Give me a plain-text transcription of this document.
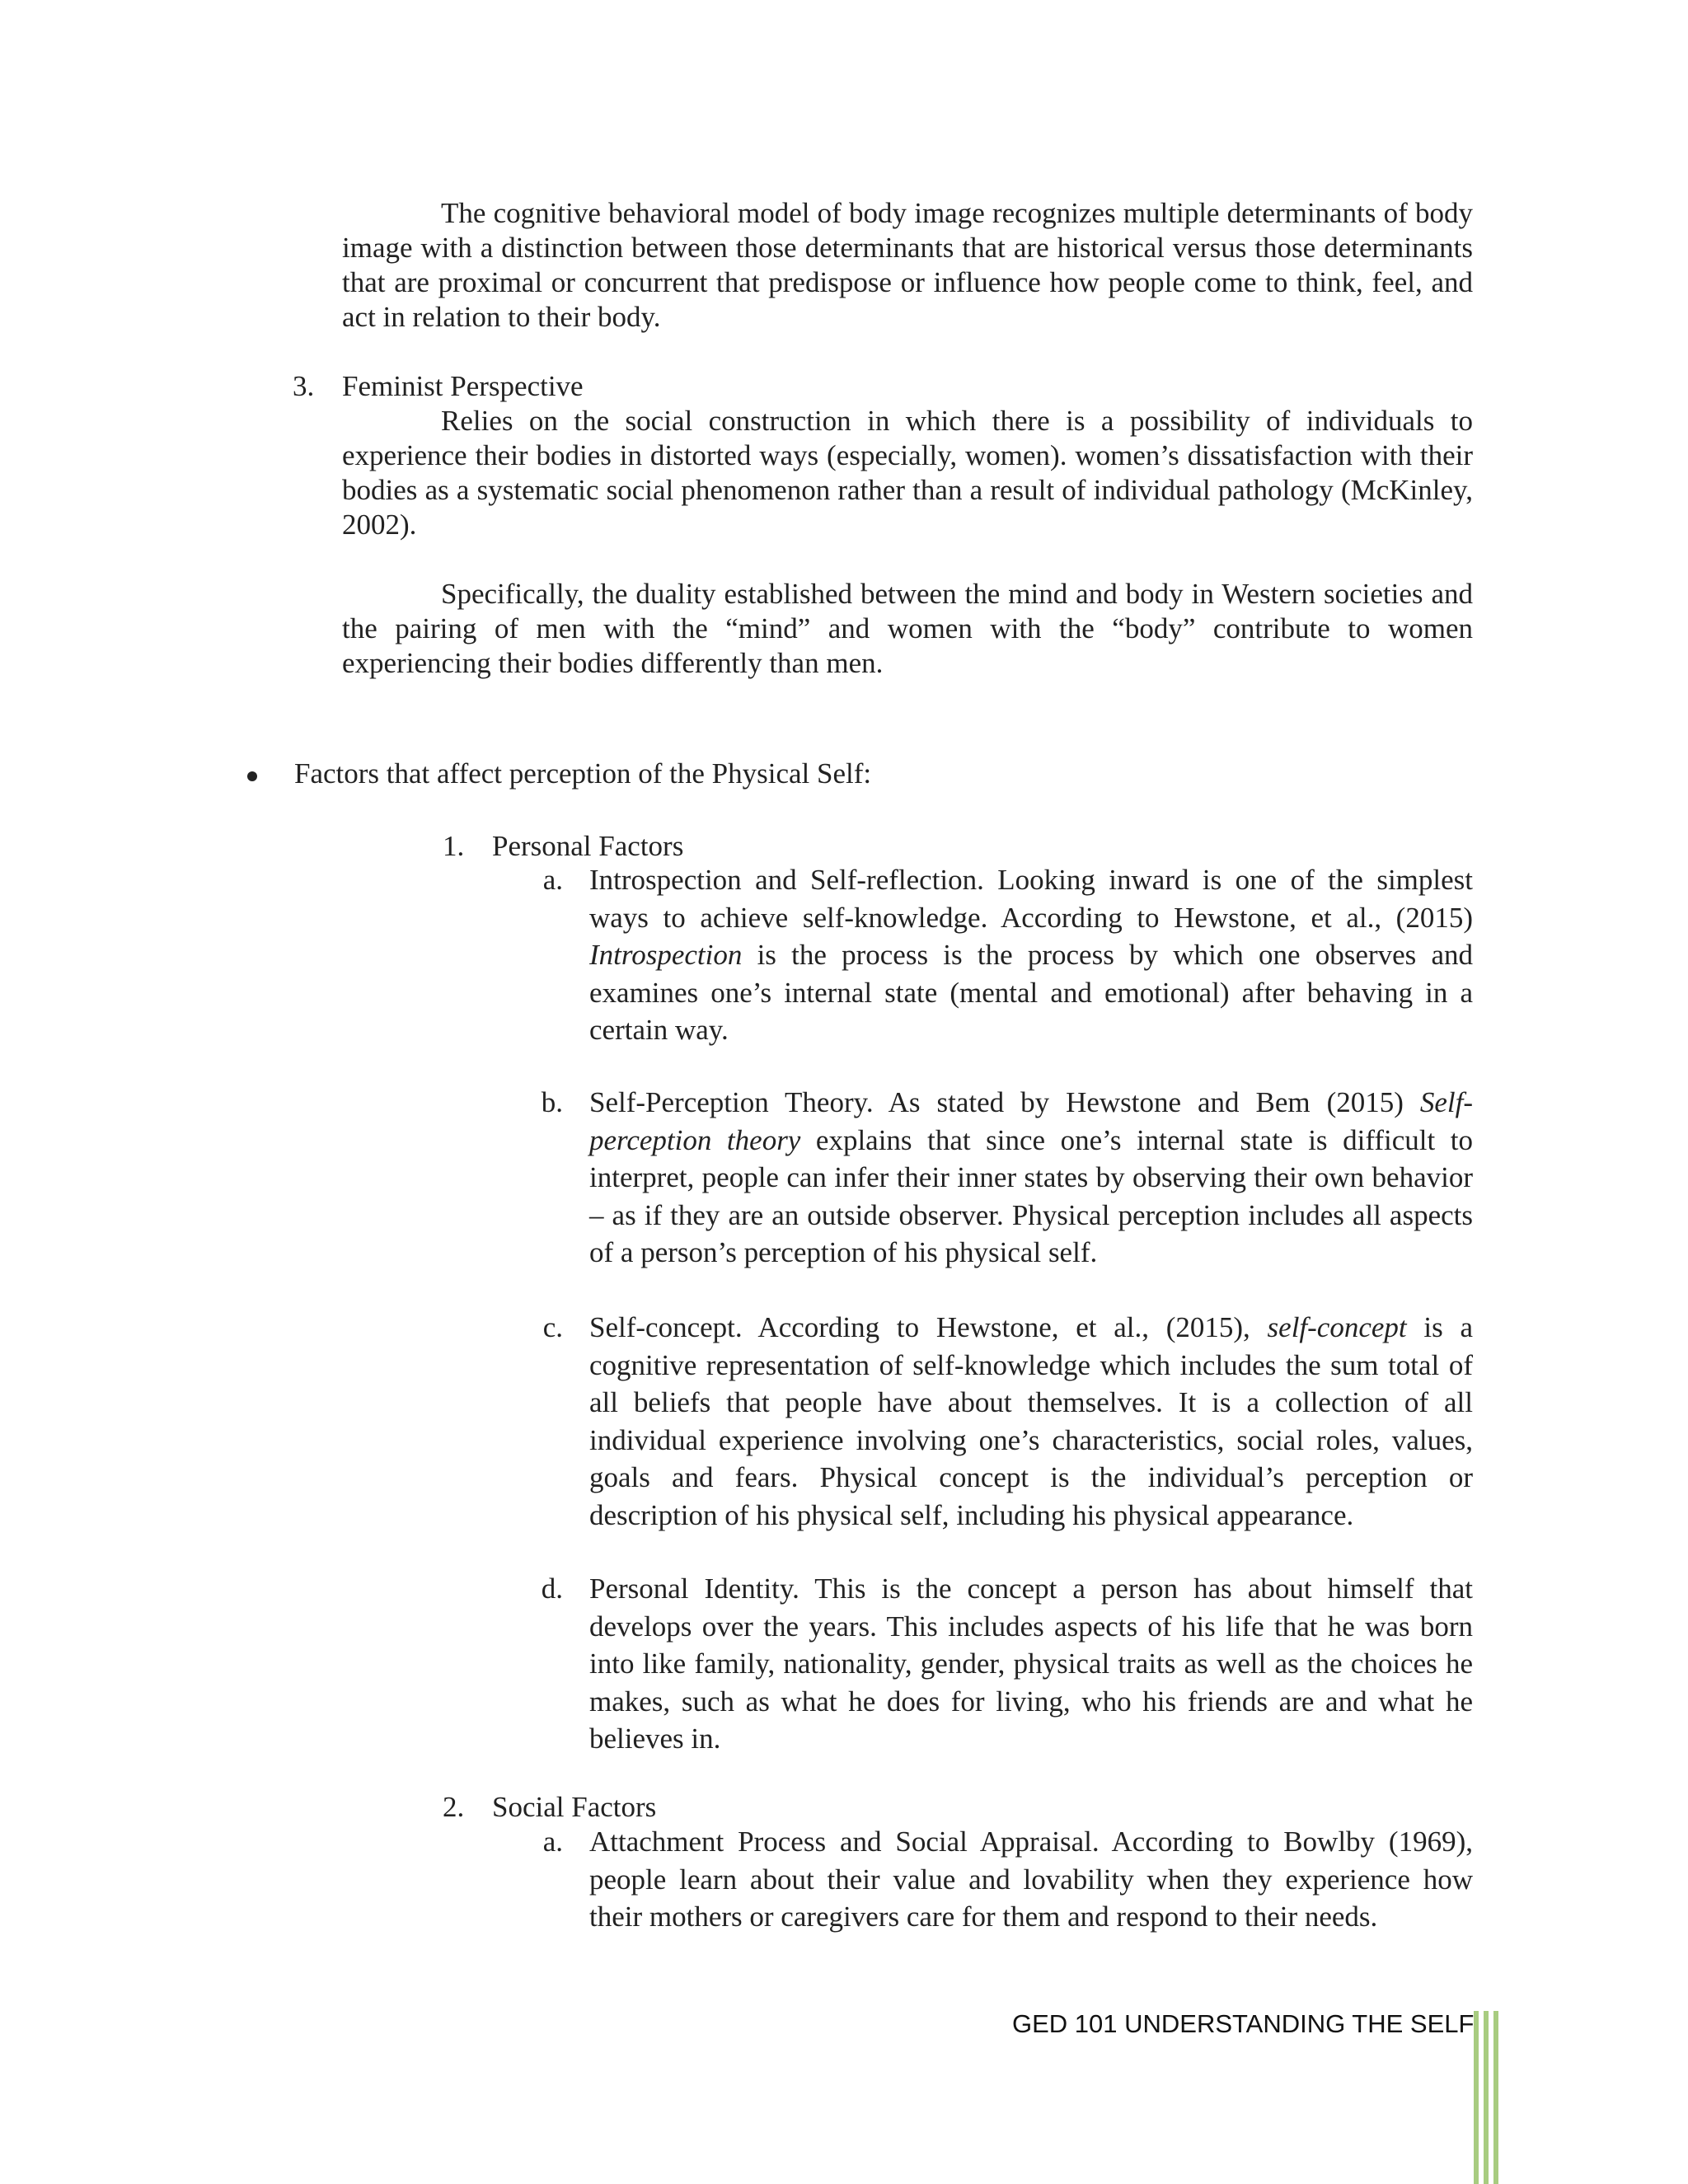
The cognitive behavioral model of body image recognizes multiple determinants of body image with a distinction between those determinants that are historical versus those determinants that are proximal or concurrent that predispose or influence how people come to think, feel, and act in relation to their body.

3. Feminist Perspective

Relies on the social construction in which there is a possibility of individuals to experience their bodies in distorted ways (especially, women). women’s dissatisfaction with their bodies as a systematic social phenomenon rather than a result of individual pathology (McKinley, 2002).

Specifically, the duality established between the mind and body in Western societies and the pairing of men with the “mind” and women with the “body” contribute to women experiencing their bodies differently than men.

Factors that affect perception of the Physical Self:
1. Personal Factors
a. Introspection and Self-reflection. Looking inward is one of the simplest ways to achieve self-knowledge. According to Hewstone, et al., (2015) Introspection is the process is the process by which one observes and examines one’s internal state (mental and emotional) after behaving in a certain way.
b. Self-Perception Theory. As stated by Hewstone and Bem (2015) Self-perception theory explains that since one’s internal state is difficult to interpret, people can infer their inner states by observing their own behavior – as if they are an outside observer. Physical perception includes all aspects of a person’s perception of his physical self.
c. Self-concept. According to Hewstone, et al., (2015), self-concept is a cognitive representation of self-knowledge which includes the sum total of all beliefs that people have about themselves. It is a collection of all individual experience involving one’s characteristics, social roles, values, goals and fears. Physical concept is the individual’s perception or description of his physical self, including his physical appearance.
d. Personal Identity. This is the concept a person has about himself that develops over the years. This includes aspects of his life that he was born into like family, nationality, gender, physical traits as well as the choices he makes, such as what he does for living, who his friends are and what he believes in.
2. Social Factors
a. Attachment Process and Social Appraisal. According to Bowlby (1969), people learn about their value and lovability when they experience how their mothers or caregivers care for them and respond to their needs.
GED 101 UNDERSTANDING THE SELF
